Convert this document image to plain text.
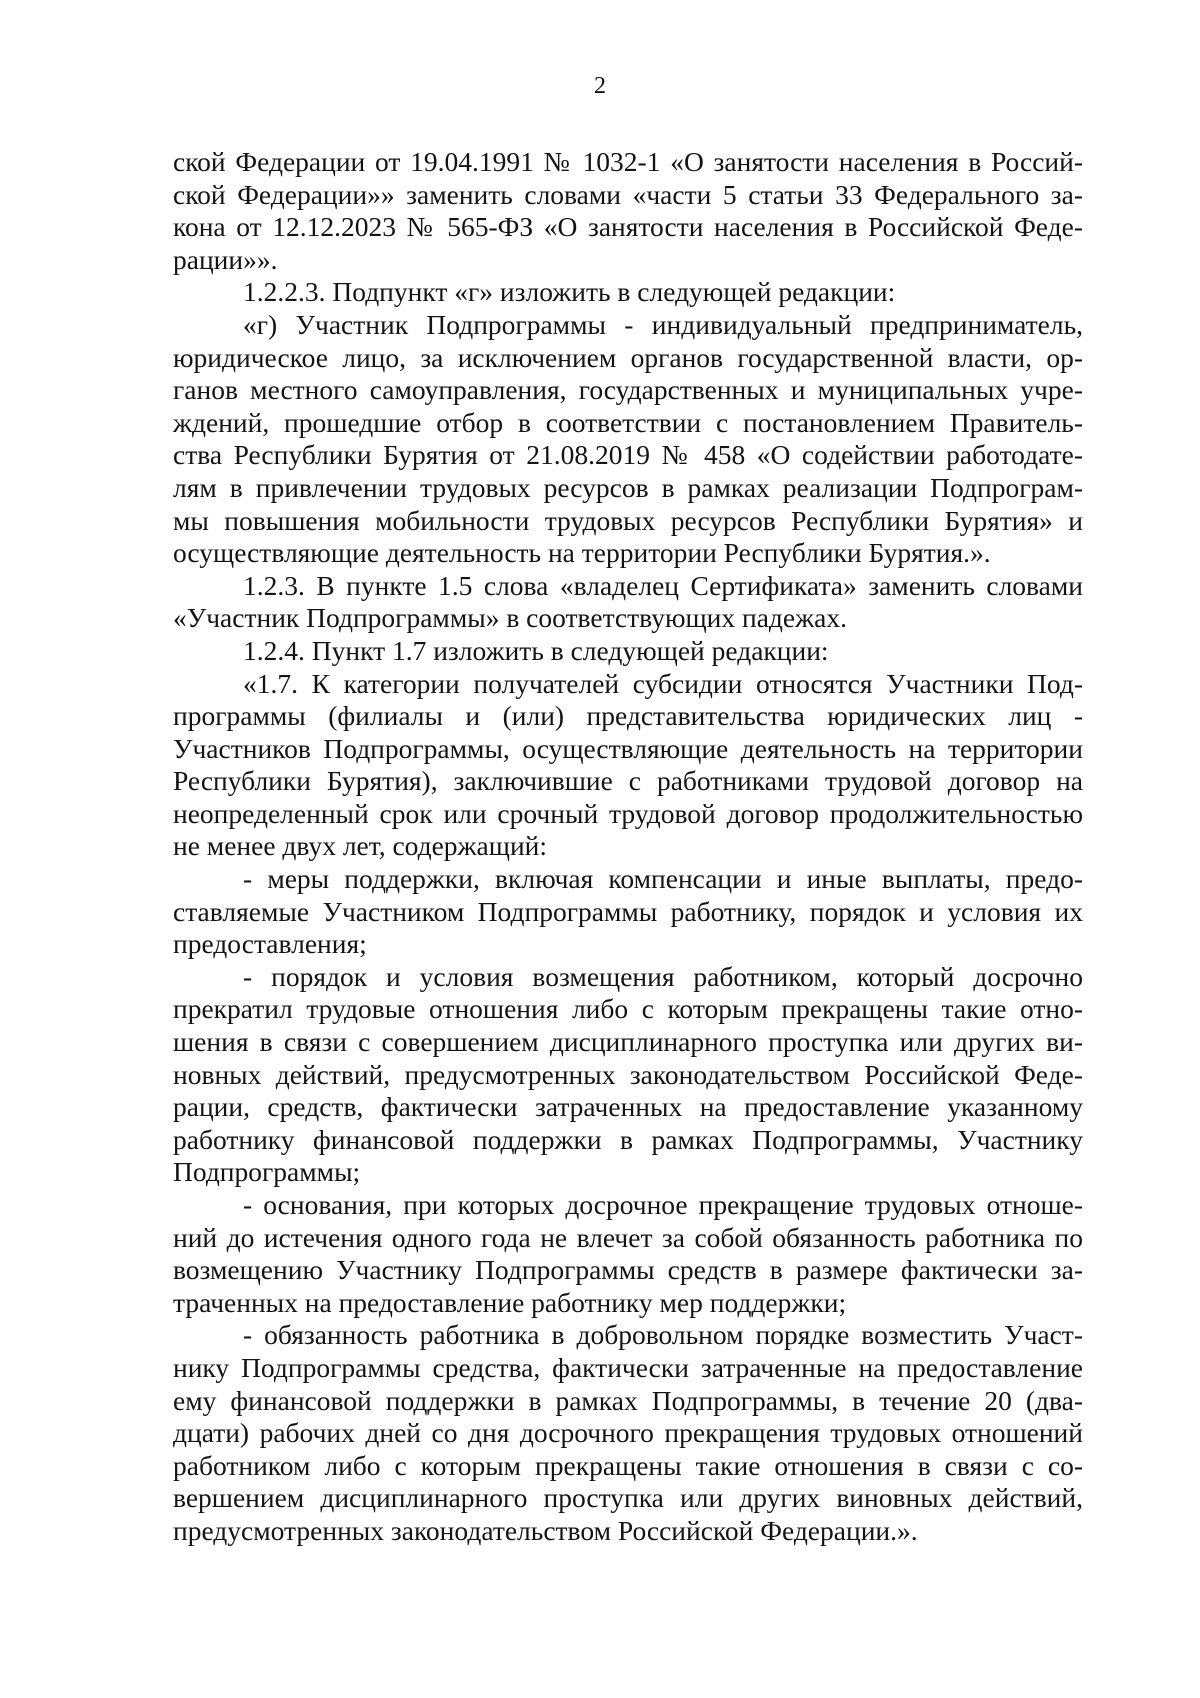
2
ской Федерации от 19.04.1991 № 1032-1 «О занятости населения в Россий-
ской Федерации»» заменить словами «части 5 статьи 33 Федерального за-
кона от 12.12.2023 № 565-ФЗ «О занятости населения в Российской Феде-
рации»».
1.2.2.3. Подпункт «г» изложить в следующей редакции:
«г) Участник Подпрограммы - индивидуальный предприниматель,
юридическое лицо, за исключением органов государственной власти, ор-
ганов местного самоуправления, государственных и муниципальных учре-
ждений, прошедшие отбор в соответствии с постановлением Правитель-
ства Республики Бурятия от 21.08.2019 № 458 «О содействии работодате-
лям в привлечении трудовых ресурсов в рамках реализации Подпрограм-
мы повышения мобильности трудовых ресурсов Республики Бурятия» и
осуществляющие деятельность на территории Республики Бурятия.».
1.2.3. В пункте 1.5 слова «владелец Сертификата» заменить словами
«Участник Подпрограммы» в соответствующих падежах.
1.2.4. Пункт 1.7 изложить в следующей редакции:
«1.7. К категории получателей субсидии относятся Участники Под-
программы (филиалы и (или) представительства юридических лиц -
Участников Подпрограммы, осуществляющие деятельность на территории
Республики Бурятия), заключившие с работниками трудовой договор на
неопределенный срок или срочный трудовой договор продолжительностью
не менее двух лет, содержащий:
- меры поддержки, включая компенсации и иные выплаты, предо-
ставляемые Участником Подпрограммы работнику, порядок и условия их
предоставления;
- порядок и условия возмещения работником, который досрочно
прекратил трудовые отношения либо с которым прекращены такие отно-
шения в связи с совершением дисциплинарного проступка или других ви-
новных действий, предусмотренных законодательством Российской Феде-
рации, средств, фактически затраченных на предоставление указанному
работнику финансовой поддержки в рамках Подпрограммы, Участнику
Подпрограммы;
- основания, при которых досрочное прекращение трудовых отноше-
ний до истечения одного года не влечет за собой обязанность работника по
возмещению Участнику Подпрограммы средств в размере фактически за-
траченных на предоставление работнику мер поддержки;
- обязанность работника в добровольном порядке возместить Участ-
нику Подпрограммы средства, фактически затраченные на предоставление
ему финансовой поддержки в рамках Подпрограммы, в течение 20 (два-
дцати) рабочих дней со дня досрочного прекращения трудовых отношений
работником либо с которым прекращены такие отношения в связи с со-
вершением дисциплинарного проступка или других виновных действий,
предусмотренных законодательством Российской Федерации.».
